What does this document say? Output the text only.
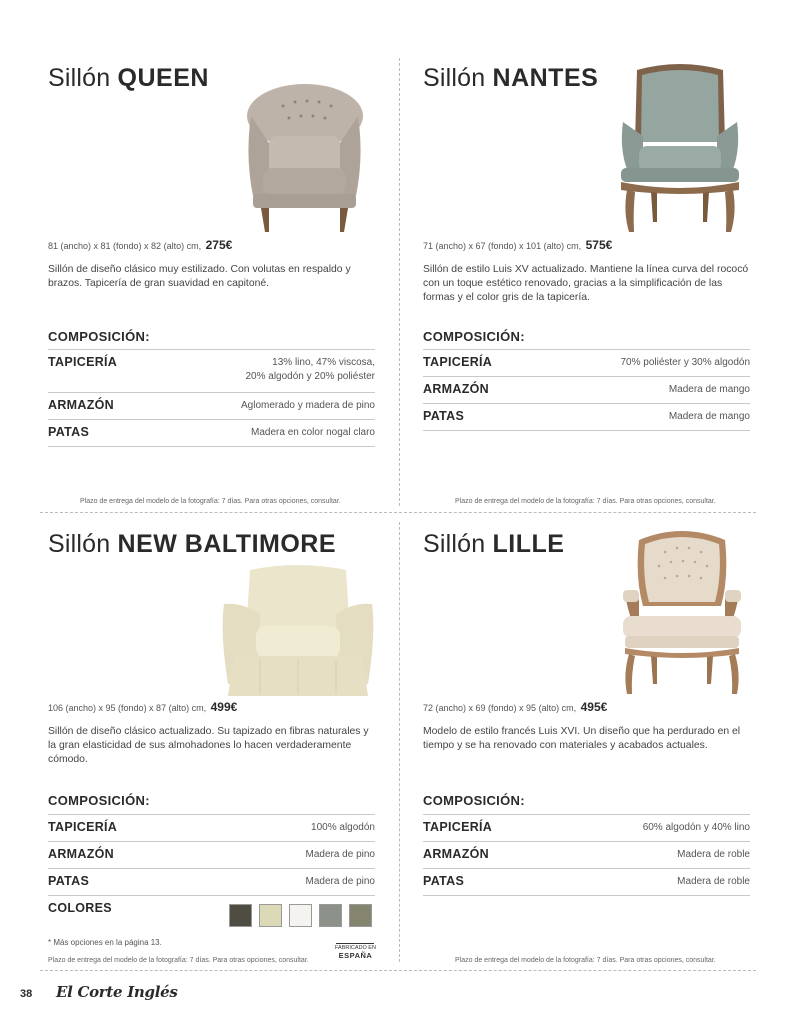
Sillón QUEEN
81 (ancho) x 81 (fondo) x 82 (alto) cm, 275€
Sillón de diseño clásico muy estilizado. Con volutas en respaldo y brazos. Tapicería de gran suavidad en capitoné.
COMPOSICIÓN:
TAPICERÍA	13% lino, 47% viscosa,
20% algodón y 20% poliéster
ARMAZÓN	Aglomerado y madera de pino
PATAS	Madera en color nogal claro
Plazo de entrega del modelo de la fotografía: 7 días. Para otras opciones, consultar.
Sillón NANTES
71 (ancho) x 67 (fondo) x 101 (alto) cm, 575€
Sillón de estilo Luis XV actualizado. Mantiene la línea curva del rococó con un toque estético renovado, gracias a la simplificación de las formas y el color gris de la tapicería.
COMPOSICIÓN:
TAPICERÍA	70% poliéster y 30% algodón
ARMAZÓN	Madera de mango
PATAS	Madera de mango
Plazo de entrega del modelo de la fotografía: 7 días. Para otras opciones, consultar.
Sillón NEW BALTIMORE
106 (ancho) x 95 (fondo) x 87 (alto) cm, 499€
Sillón de diseño clásico actualizado. Su tapizado en fibras naturales y la gran elasticidad de sus almohadones lo hacen verdaderamente cómodo.
COMPOSICIÓN:
TAPICERÍA	100% algodón
ARMAZÓN	Madera de pino
PATAS	Madera de pino
COLORES
* Más opciones en la página 13.
FABRICADO EN
ESPAÑA
Plazo de entrega del modelo de la fotografía: 7 días. Para otras opciones, consultar.
Sillón LILLE
72 (ancho) x 69 (fondo) x 95 (alto) cm, 495€
Modelo de estilo francés Luis XVI. Un diseño que ha perdurado en el tiempo y se ha renovado con materiales y acabados actuales.
COMPOSICIÓN:
TAPICERÍA	60% algodón y 40% lino
ARMAZÓN	Madera de roble
PATAS	Madera de roble
Plazo de entrega del modelo de la fotografía: 7 días. Para otras opciones, consultar.
38 El Corte Inglés
